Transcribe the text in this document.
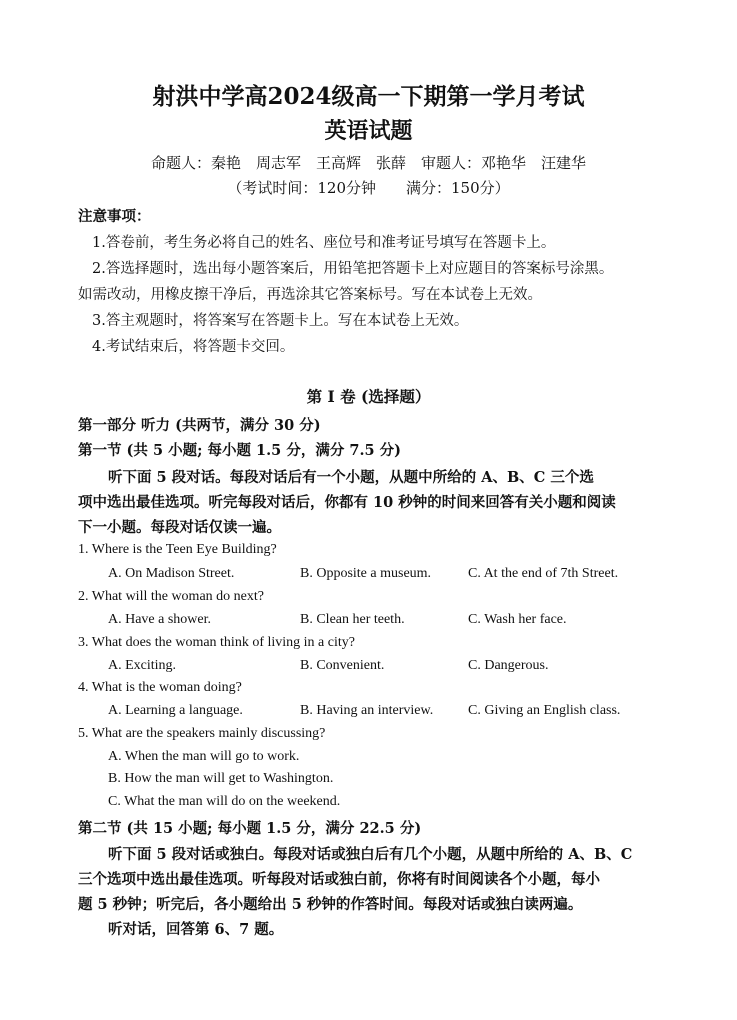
射洪中学高2024级高一下期第一学月考试
英语试题
命题人：秦艳　周志军　王高辉　张薛　审题人：邓艳华　汪建华
（考试时间：120分钟　　满分：150分）
注意事项：
1.答卷前，考生务必将自己的姓名、座位号和准考证号填写在答题卡上。
2.答选择题时，选出每小题答案后，用铅笔把答题卡上对应题目的答案标号涂黑。
如需改动，用橡皮擦干净后，再选涂其它答案标号。写在本试卷上无效。
3.答主观题时，将答案写在答题卡上。写在本试卷上无效。
4.考试结束后，将答题卡交回。
第 I 卷 (选择题）
第一部分 听力 (共两节，满分 30 分)
第一节 (共 5 小题; 每小题 1.5 分，满分 7.5 分)
听下面 5 段对话。每段对话后有一个小题，从题中所给的 A、B、C 三个选
项中选出最佳选项。听完每段对话后，你都有 10 秒钟的时间来回答有关小题和阅读
下一小题。每段对话仅读一遍。
1. Where is the Teen Eye Building?
A. On Madison Street.	B. Opposite a museum.	C. At the end of 7th Street.
2. What will the woman do next?
A. Have a shower.	B. Clean her teeth.	C. Wash her face.
3. What does the woman think of living in a city?
A. Exciting.	B. Convenient.	C. Dangerous.
4. What is the woman doing?
A. Learning a language.	B. Having an interview. C. Giving an English class.
5. What are the speakers mainly discussing?
A. When the man will go to work.
B. How the man will get to Washington.
C. What the man will do on the weekend.
第二节 (共 15 小题; 每小题 1.5 分，满分 22.5 分)
听下面 5 段对话或独白。每段对话或独白后有几个小题，从题中所给的 A、B、C
三个选项中选出最佳选项。听每段对话或独白前，你将有时间阅读各个小题，每小
题 5 秒钟；听完后，各小题给出 5 秒钟的作答时间。每段对话或独白读两遍。
听对话，回答第 6、7 题。
